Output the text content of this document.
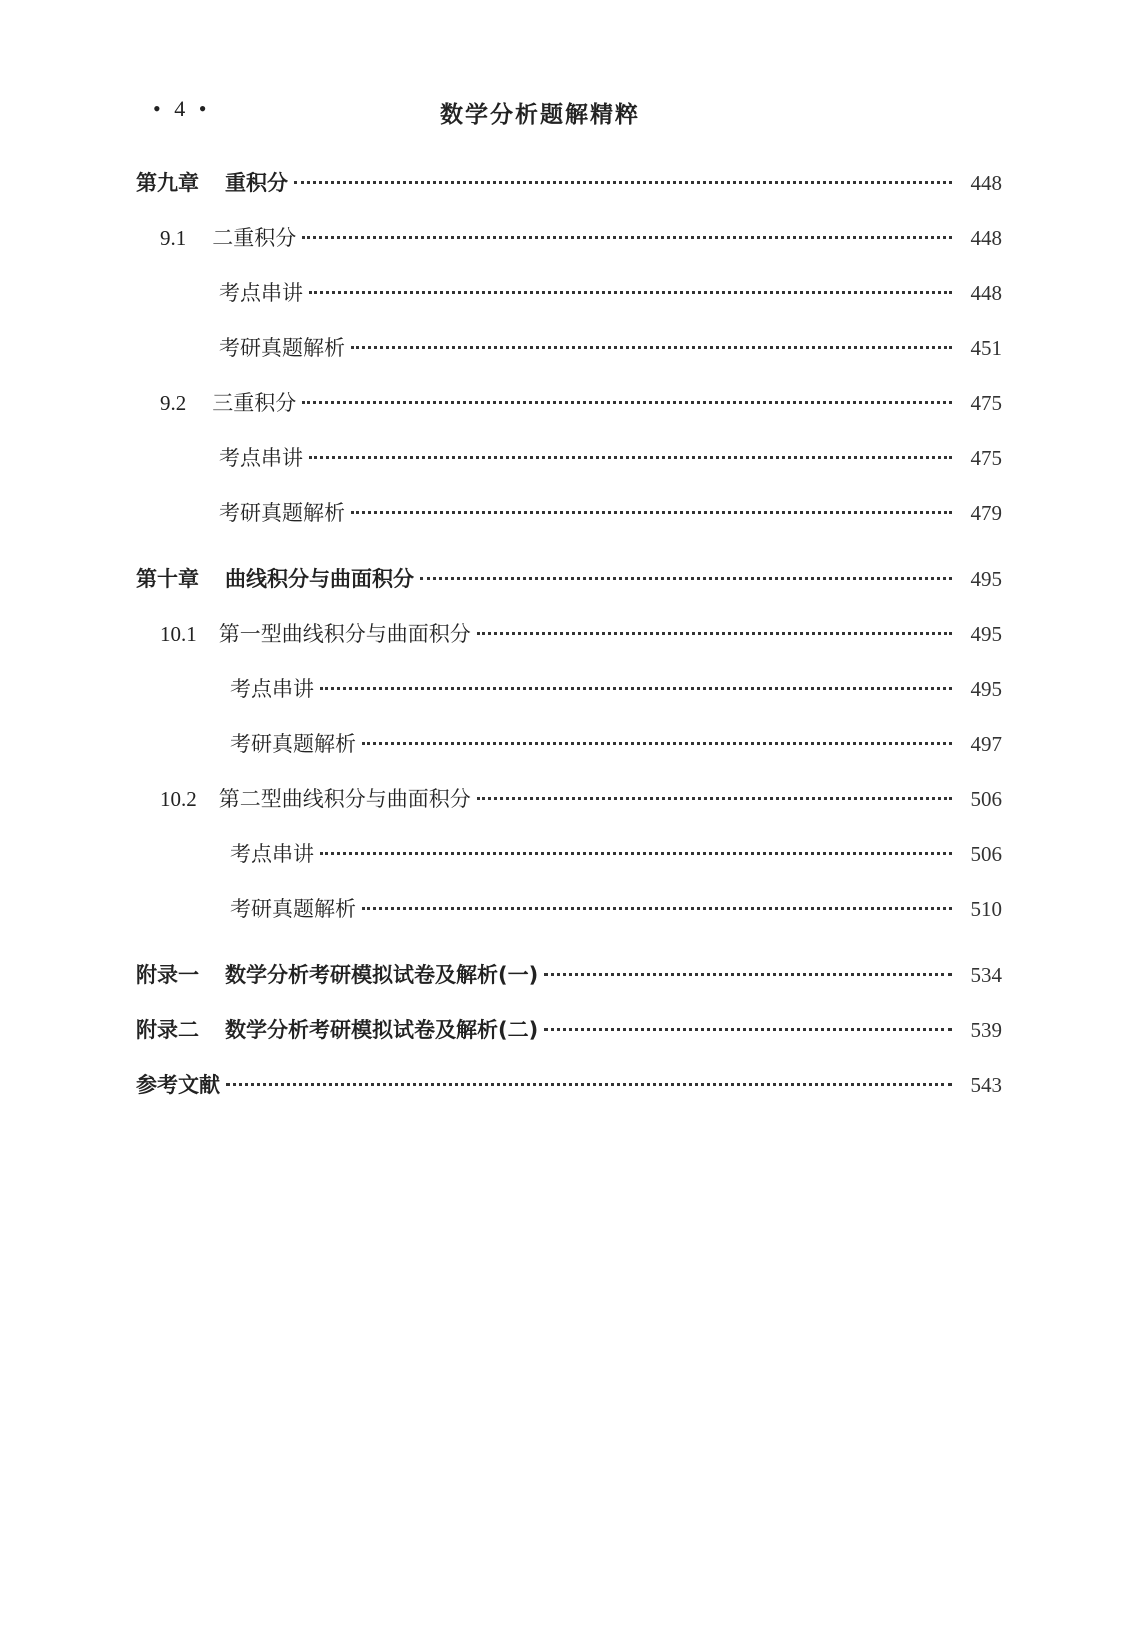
• 4 •	数学分析题解精粹
第九章 重积分	448
9.1 二重积分	448
考点串讲	448
考研真题解析	451
9.2 三重积分	475
考点串讲	475
考研真题解析	479
第十章 曲线积分与曲面积分	495
10.1 第一型曲线积分与曲面积分	495
考点串讲	495
考研真题解析	497
10.2 第二型曲线积分与曲面积分	506
考点串讲	506
考研真题解析	510
附录一 数学分析考研模拟试卷及解析(一)	534
附录二 数学分析考研模拟试卷及解析(二)	539
参考文献	543
